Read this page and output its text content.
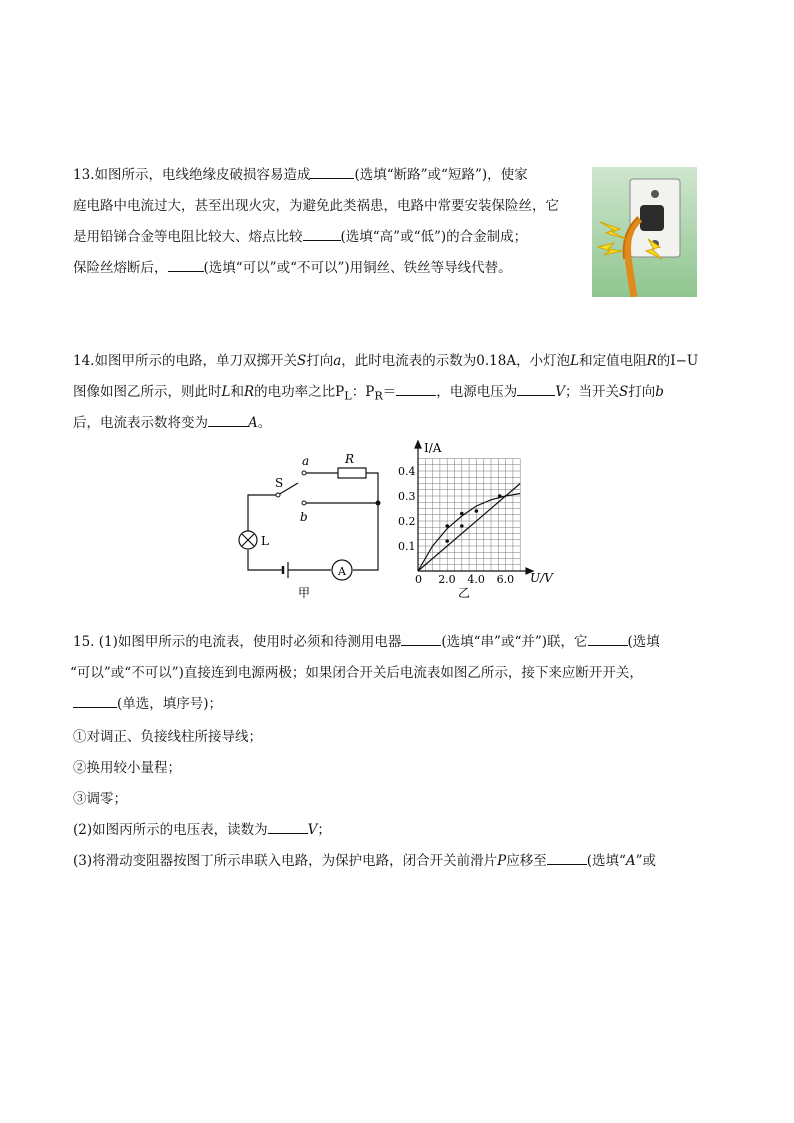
13.如图所示，电线绝缘皮破损容易造成	(选填“断路”或“短路”)，使家
庭电路中电流过大，甚至出现火灾，为避免此类祸患，电路中常要安装保险丝，它
是用铅锑合金等电阻比较大、熔点比较	(选填“高”或“低”)的合金制成；
保险丝熔断后，	(选填“可以”或“不可以”)用铜丝、铁丝等导线代替。
14.如图甲所示的电路，单刀双掷开关S打向a，此时电流表的示数为0.18A，小灯泡L和定值电阻R的I−U
图像如图乙所示，则此时L和R的电功率之比$P_L$：$P_R=$	，电源电压为	V；当开关S打向b
后，电流表示数将变为	A。
a	R
S
b
L
A
甲
0 2.0 4.0 6.0
0.1
0.2
0.3
0.4
I/A
U/V
乙
15. (1)如图甲所示的电流表，使用时必须和待测用电器	(选填“串”或“并”)联，它	(选填
“可以”或“不可以”)直接连到电源两极；如果闭合开关后电流表如图乙所示，接下来应断开开关，
(单选，填序号)；
①对调正、负接线柱所接导线；
②换用较小量程；
③调零；
(2)如图丙所示的电压表，读数为	V；
(3)将滑动变阻器按图丁所示串联入电路，为保护电路，闭合开关前滑片P应移至	(选填“A”或
